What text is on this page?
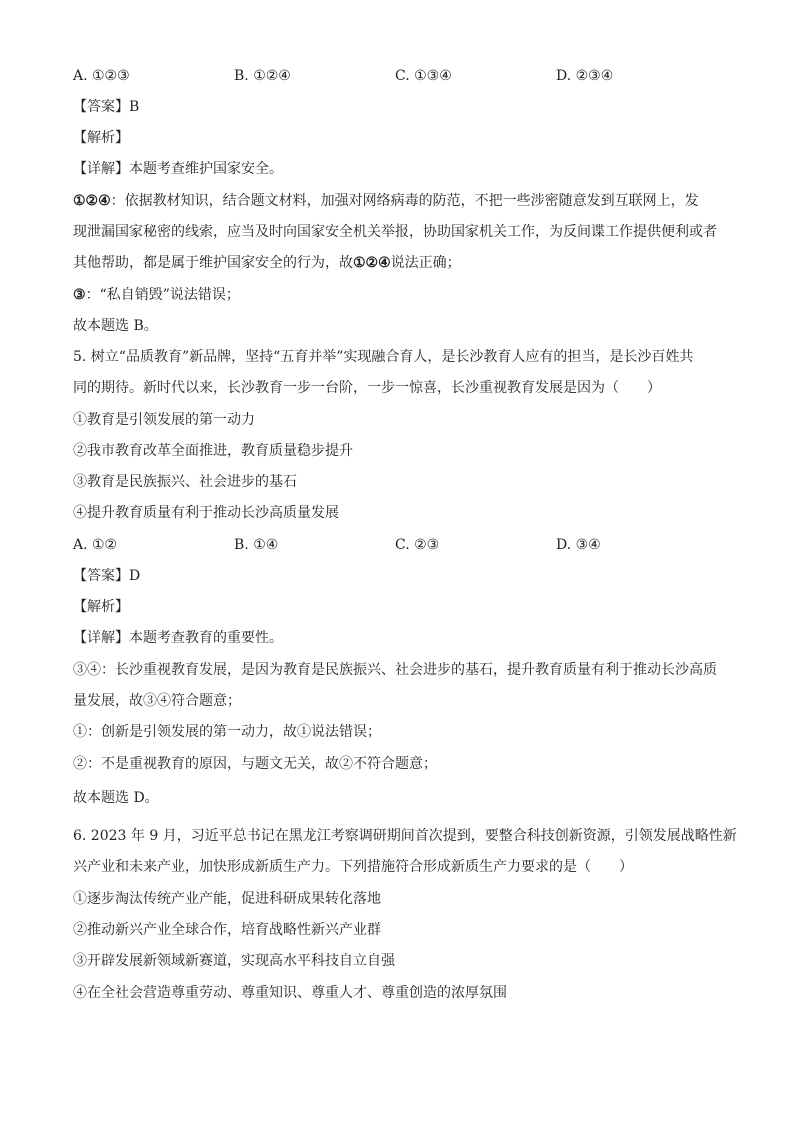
A. ①②③	B. ①②④	C. ①③④	D. ②③④
【答案】B
【解析】
【详解】本题考查维护国家安全。
①②④：依据教材知识，结合题文材料，加强对网络病毒的防范，不把一些涉密随意发到互联网上，发
现泄漏国家秘密的线索，应当及时向国家安全机关举报，协助国家机关工作，为反间谍工作提供便利或者
其他帮助，都是属于维护国家安全的行为，故①②④说法正确；
③：“私自销毁”说法错误；
故本题选 B。
5. 树立“品质教育”新品牌，坚持“五育并举”实现融合育人，是长沙教育人应有的担当，是长沙百姓共
同的期待。新时代以来，长沙教育一步一台阶，一步一惊喜，长沙重视教育发展是因为（　　）
①教育是引领发展的第一动力
②我市教育改革全面推进，教育质量稳步提升
③教育是民族振兴、社会进步的基石
④提升教育质量有利于推动长沙高质量发展
A. ①②	B. ①④	C. ②③	D. ③④
【答案】D
【解析】
【详解】本题考查教育的重要性。
③④：长沙重视教育发展，是因为教育是民族振兴、社会进步的基石，提升教育质量有利于推动长沙高质
量发展，故③④符合题意；
①：创新是引领发展的第一动力，故①说法错误；
②：不是重视教育的原因，与题文无关，故②不符合题意；
故本题选 D。
6. 2023 年 9 月，习近平总书记在黑龙江考察调研期间首次提到，要整合科技创新资源，引领发展战略性新
兴产业和未来产业，加快形成新质生产力。下列措施符合形成新质生产力要求的是（　　）
①逐步淘汰传统产业产能，促进科研成果转化落地
②推动新兴产业全球合作，培育战略性新兴产业群
③开辟发展新领域新赛道，实现高水平科技自立自强
④在全社会营造尊重劳动、尊重知识、尊重人才、尊重创造的浓厚氛围
